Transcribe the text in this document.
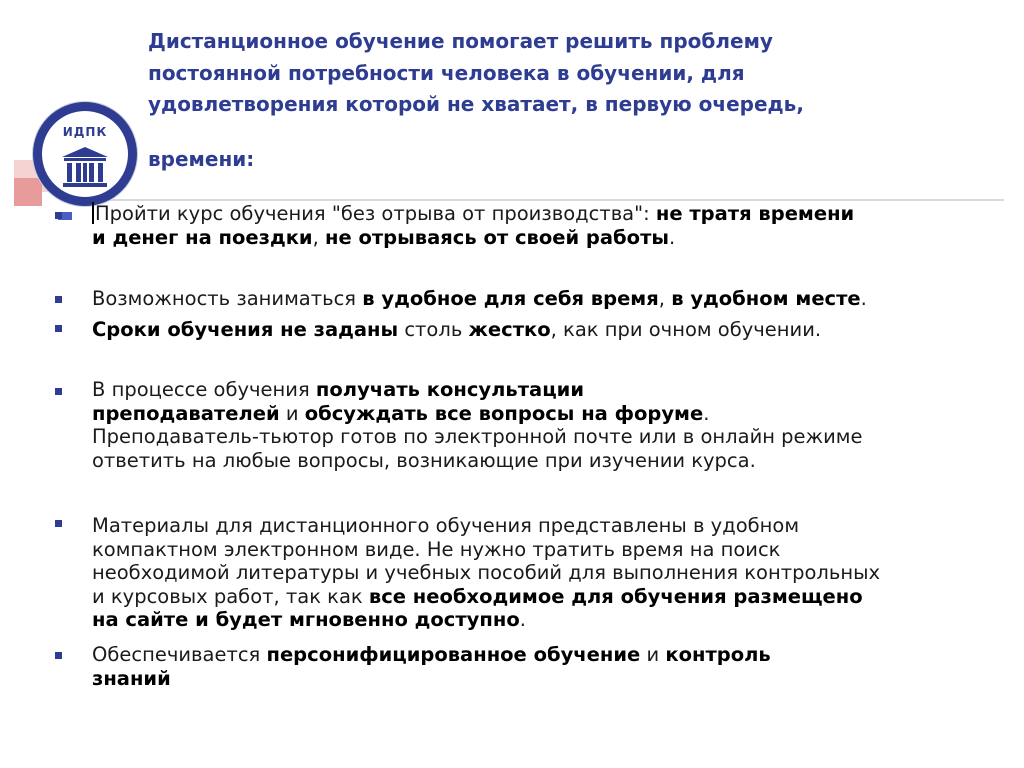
ИДПК
Дистанционное обучение помогает решить проблему
постоянной потребности человека в обучении, для
удовлетворения которой не хватает, в первую очередь,
времени:
Пройти курс обучения "без отрыва от производства": не тратя времени
и денег на поездки, не отрываясь от своей работы.
Возможность заниматься в удобное для себя время, в удобном месте.
Сроки обучения не заданы столь жестко, как при очном обучении.
В процессе обучения получать консультации
преподавателей и обсуждать все вопросы на форуме.
Преподаватель-тьютор готов по электронной почте или в онлайн режиме
ответить на любые вопросы, возникающие при изучении курса.
Материалы для дистанционного обучения представлены в удобном
компактном электронном виде. Не нужно тратить время на поиск
необходимой литературы и учебных пособий для выполнения контрольных
и курсовых работ, так как все необходимое для обучения размещено
на сайте и будет мгновенно доступно.
Обеспечивается персонифицированное обучение и контроль
знаний
